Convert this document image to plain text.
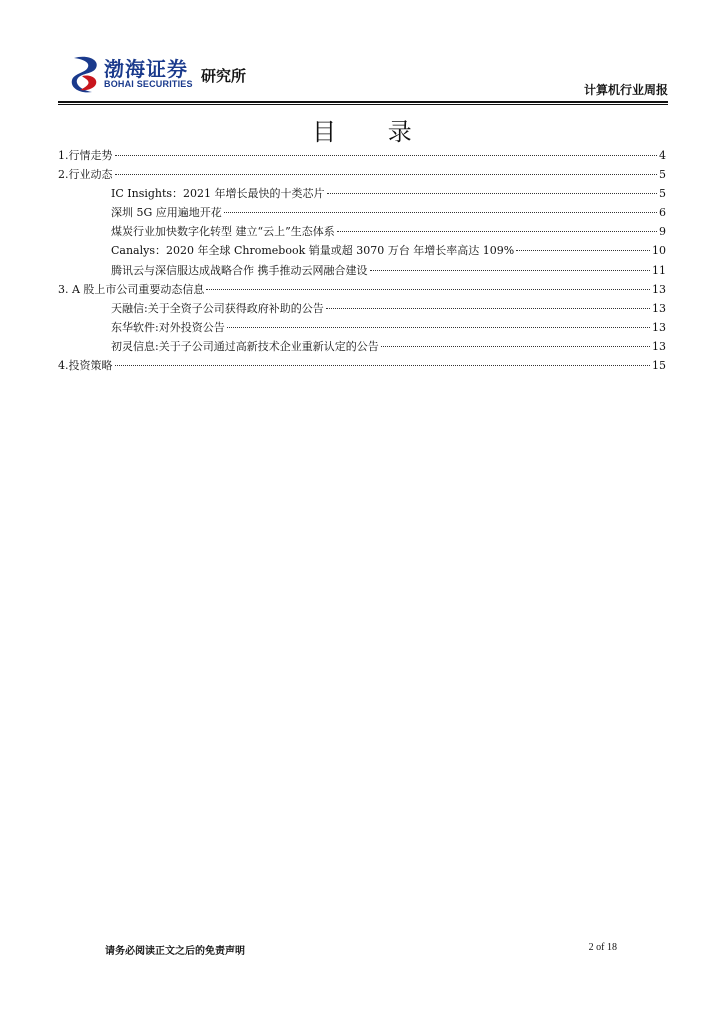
渤海证券
BOHAI SECURITIES 研究所
计算机行业周报
目 录
1.行情走势	4
2.行业动态	5
IC Insights：2021 年增长最快的十类芯片	5
深圳 5G 应用遍地开花	6
煤炭行业加快数字化转型 建立“云上”生态体系	9
Canalys：2020 年全球 Chromebook 销量或超 3070 万台 年增长率高达 109%	10
腾讯云与深信服达成战略合作 携手推动云网融合建设	11
3. A 股上市公司重要动态信息	13
天融信:关于全资子公司获得政府补助的公告	13
东华软件:对外投资公告	13
初灵信息:关于子公司通过高新技术企业重新认定的公告	13
4.投资策略	15
请务必阅读正文之后的免责声明	2 of 18
